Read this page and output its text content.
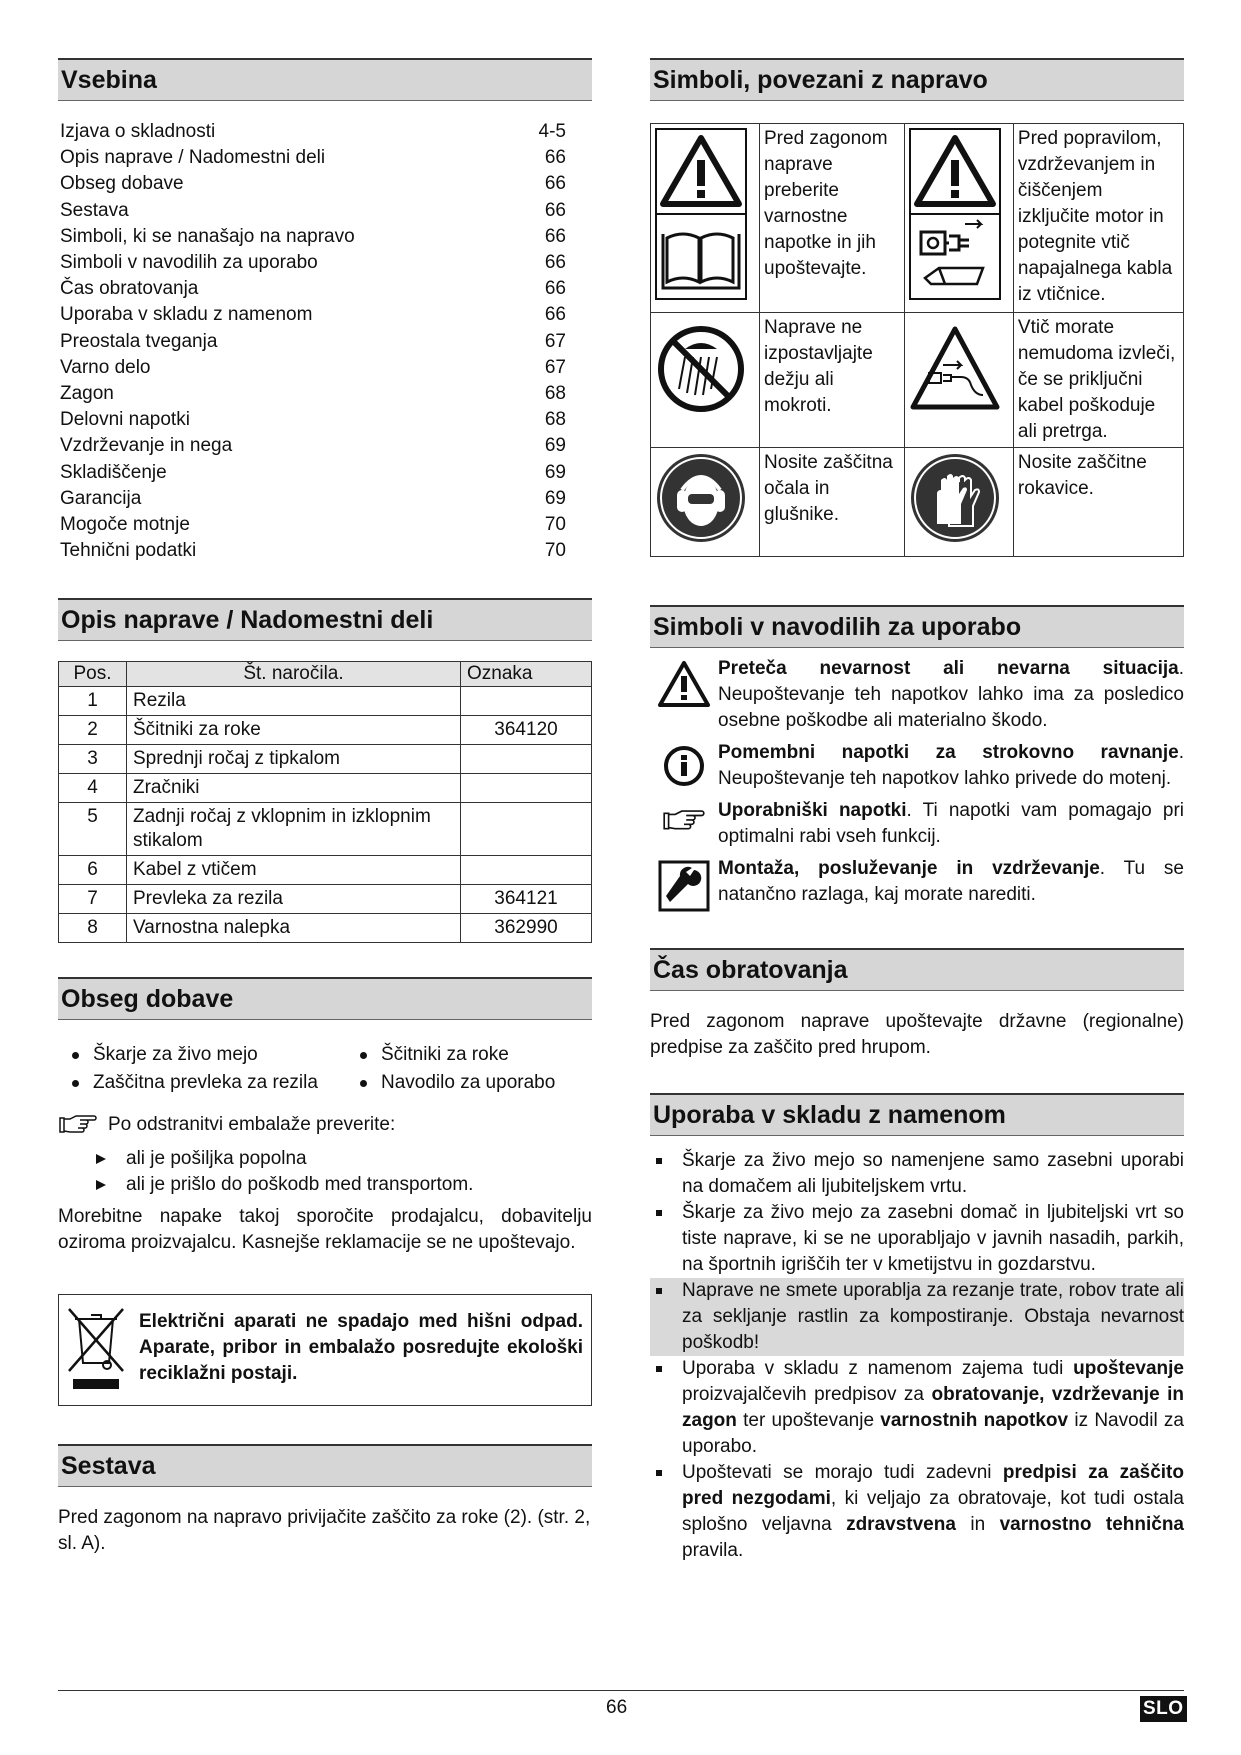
Vsebina
Izjava o skladnosti	4-5
Opis naprave / Nadomestni deli	66
Obseg dobave	66
Sestava	66
Simboli, ki se nanašajo na napravo	66
Simboli v navodilih za uporabo	66
Čas obratovanja	66
Uporaba v skladu z namenom	66
Preostala tveganja	67
Varno delo	67
Zagon	68
Delovni napotki	68
Vzdrževanje in nega	69
Skladiščenje	69
Garancija	69
Mogoče motnje	70
Tehnični podatki	70
Opis naprave / Nadomestni deli
Pos.	Št. naročila.	Oznaka
1	Rezila	
2	Ščitniki za roke	364120
3	Sprednji ročaj z tipkalom	
4	Zračniki	
5	Zadnji ročaj z vklopnim in izklopnim stikalom	
6	Kabel z vtičem	
7	Prevleka za rezila	364121
8	Varnostna nalepka	362990
Obseg dobave
Škarje za živo mejo	Ščitniki za roke
Zaščitna prevleka za rezila	Navodilo za uporabo
Po odstranitvi embalaže preverite:
ali je pošiljka popolna
ali je prišlo do poškodb med transportom.

Morebitne napake takoj sporočite prodajalcu, dobavitelju oziroma proizvajalcu. Kasnejše reklamacije se ne upoštevajo.

Električni aparati ne spadajo med hišni odpad. Aparate, pribor in embalažo posredujte ekološki reciklažni postaji.

Sestava

Pred zagonom na napravo privijačite zaščito za roke (2). (str. 2, sl. A).

Simboli, povezani z napravo
	Pred zagonom naprave preberite varnostne napotke in jih upoštevajte.		Pred popravilom, vzdrževanjem in čiščenjem izključite motor in potegnite vtič napajalnega kabla iz vtičnice.
	Naprave ne izpostavljajte dežju ali mokroti.		Vtič morate nemudoma izvleči, če se priključni kabel poškoduje ali pretrga.
	Nosite zaščitna očala in glušnike.		Nosite zaščitne rokavice.
Simboli v navodilih za uporabo
Preteča nevarnost ali nevarna situacija. Neupoštevanje teh napotkov lahko ima za posledico osebne poškodbe ali materialno škodo.
Pomembni napotki za strokovno ravnanje. Neupoštevanje teh napotkov lahko privede do motenj.
Uporabniški napotki. Ti napotki vam pomagajo pri optimalni rabi vseh funkcij.
Montaža, posluževanje in vzdrževanje. Tu se natančno razlaga, kaj morate narediti.
Čas obratovanja

Pred zagonom naprave upoštevajte državne (regionalne) predpise za zaščito pred hrupom.

Uporaba v skladu z namenom
Škarje za živo mejo so namenjene samo zasebni uporabi na domačem ali ljubiteljskem vrtu.
Škarje za živo mejo za zasebni domač in ljubiteljski vrt so tiste naprave, ki se ne uporabljajo v javnih nasadih, parkih, na športnih igriščih ter v kmetijstvu in gozdarstvu.
Naprave ne smete uporablja za rezanje trate, robov trate ali za sekljanje rastlin za kompostiranje. Obstaja nevarnost poškodb!
Uporaba v skladu z namenom zajema tudi upoštevanje proizvajalčevih predpisov za obratovanje, vzdrževanje in zagon ter upoštevanje varnostnih napotkov iz Navodil za uporabo.
Upoštevati se morajo tudi zadevni predpisi za zaščito pred nezgodami, ki veljajo za obratovaje, kot tudi ostala splošno veljavna zdravstvena in varnostno tehnična pravila.
66	SLO
